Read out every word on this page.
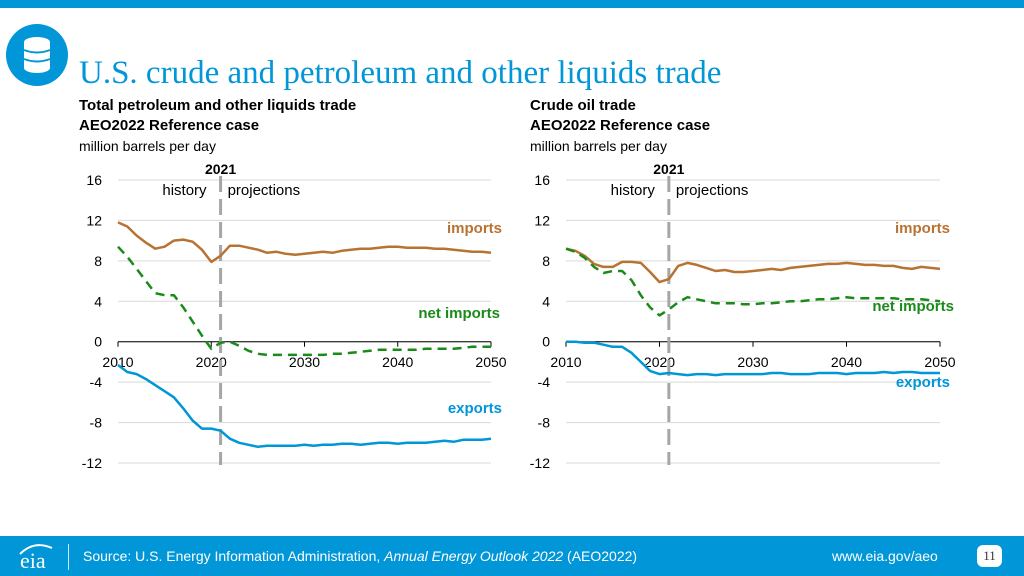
U.S. crude and petroleum and other liquids trade
Total petroleum and other liquids trade
AEO2022 Reference case
million barrels per day
Crude oil trade
AEO2022 Reference case
million barrels per day
16
12
8
4
0
-4
-8
-12
2010	2020	2030	2040	2050
2021
history projections
imports
net imports
exports
16
12
8
4
0
-4
-8
-12
2010	2020	2030	2040	2050
2021
history projections
imports
net imports
exports
eia	Source: U.S. Energy Information Administration, Annual Energy Outlook 2022 (AEO2022)	www.eia.gov/aeo	11
